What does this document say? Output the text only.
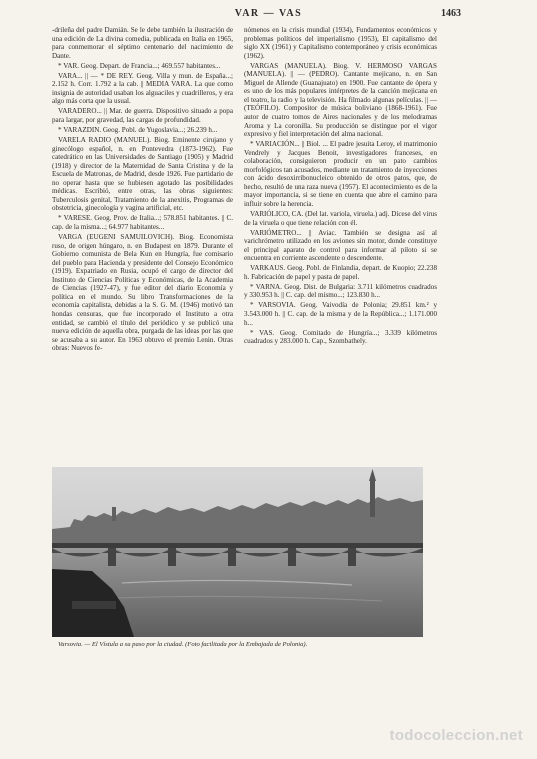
VAR — VAS	1463

-drileña del padre Damián. Se le debe también la ilustración de una edición de La divina comedia, publicada en Italia en 1965, para conmemorar el séptimo centenario del nacimiento de Dante.

* VAR. Geog. Depart. de Francia...; 469.557 habitantes...

VARA... || — * DE REY. Geog. Villa y mun. de España...; 2.152 h. Corr. 1.792 a la cab. || MEDIA VARA. La que como insignia de autoridad usaban los alguaciles y cuadrilleros, y era algo más corta que la usual.

VARADERO... || Mar. de guerra. Dispositivo situado a popa para largar, por gravedad, las cargas de profundidad.

* VARAZDIN. Geog. Pobl. de Yugoslavia...; 26.239 h...

VARELA RADIO (MANUEL). Biog. Eminente cirujano y ginecólogo español, n. en Pontevedra (1873-1962). Fue catedrático en las Universidades de Santiago (1905) y Madrid (1918) y director de la Maternidad de Santa Cristina y de la Escuela de Matronas, de Madrid, desde 1926. Fue partidario de no operar hasta que se hubiesen agotado las posibilidades médicas. Escribió, entre otras, las obras siguientes: Tuberculosis genital, Tratamiento de la anexitis, Programas de obstetricia, ginecología y vagina artificial, etc.

* VARESE. Geog. Prov. de Italia...; 578.851 habitantes. || C. cap. de la misma...; 64.977 habitantes...

VARGA (EUGENI SAMUILOVICH). Biog. Economista ruso, de origen húngaro, n. en Budapest en 1879. Durante el Gobierno comunista de Bela Kun en Hungría, fue comisario del pueblo para Hacienda y presidente del Consejo Económico (1919). Expatriado en Rusia, ocupó el cargo de director del Instituto de Ciencias Políticas y Económicas, de la Academia de Ciencias (1927-47), y fue editor del diario Economía y política en el mundo. Su libro Transformaciones de la economía capitalista, debidas a la S. G. M. (1946) motivó tan hondas censuras, que fue incorporado el Instituto a otra entidad, se cambió el título del periódico y se publicó una nueva edición de aquella obra, purgada de las ideas por las que se acusaba a su autor. En 1963 obtuvo el premio Lenin. Otras obras: Nuevos fe-

nómenos en la crisis mundial (1934), Fundamentos económicos y problemas políticos del imperialismo (1953), El capitalismo del siglo XX (1961) y Capitalismo contemporáneo y crisis económicas (1962).

VARGAS (MANUELA). Biog. V. HERMOSO VARGAS (MANUELA). || — (PEDRO). Cantante mejicano, n. en San Miguel de Allende (Guanajuato) en 1900. Fue cantante de ópera y es uno de los más populares intérpretes de la canción mejicana en el teatro, la radio y la televisión. Ha filmado algunas películas. || — (TEÓFILO). Compositor de música boliviano (1868-1961). Fue autor de cuatro tomos de Aires nacionales y de los melodramas Aroma y La coronilla. Su producción se distingue por el vigor expresivo y fiel interpretación del alma nacional.

* VARIACIÓN... || Biol. ... El padre jesuita Leroy, el matrimonio Vendrely y Jacques Benoit, investigadores franceses, en colaboración, consiguieron producir en un pato cambios morfológicos tan acusados, mediante un tratamiento de inyecciones con ácido desoxirribonucleico obtenido de otros patos, que, de hecho, resultó de una raza nueva (1957). El acontecimiento es de la mayor importancia, si se tiene en cuenta que abre el camino para influir sobre la herencia.

VARIÓLICO, CA. (Del lat. variola, viruela.) adj. Dícese del virus de la viruela o que tiene relación con él.

VARIÓMETRO... || Aviac. También se designa así al varichrómetro utilizado en los aviones sin motor, donde constituye el principal aparato de control para informar al piloto si se encuentra en corriente ascendente o descendente.

VARKAUS. Geog. Pobl. de Finlandia, depart. de Kuopio; 22.238 h. Fabricación de papel y pasta de papel.

* VARNA. Geog. Dist. de Bulgaria: 3.711 kilómetros cuadrados y 330.953 h. || C. cap. del mismo...; 123.830 h...

* VARSOVIA. Geog. Vaivodía de Polonia; 29.851 km.² y 3.543.000 h. || C. cap. de la misma y de la República...; 1.171.000 h...

* VAS. Geog. Comitado de Hungría...; 3.339 kilómetros cuadrados y 283.000 h. Cap., Szombathely.

Varsovia. — El Vístula a su paso por la ciudad. (Foto facilitada por la Embajada de Polonia).
todocoleccion.net
